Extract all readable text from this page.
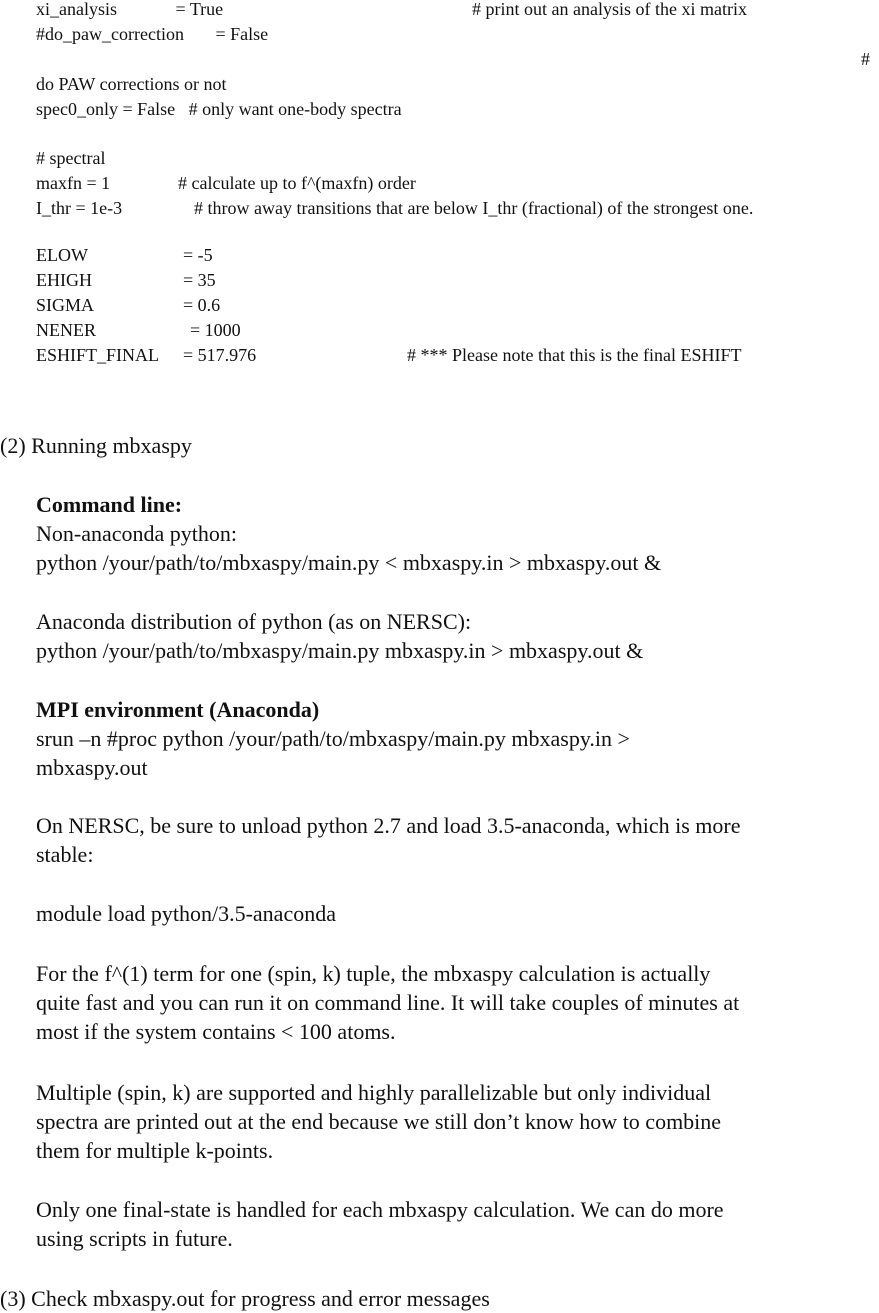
xi_analysis             = True	# print out an analysis of the xi matrix
#do_paw_correction       = False
#
do PAW corrections or not
spec0_only = False   # only want one-body spectra
# spectral
maxfn = 1	# calculate up to f^(maxfn) order
I_thr = 1e-3	# throw away transitions that are below I_thr (fractional) of the strongest one.
ELOW	= -5
EHIGH	= 35
SIGMA	= 0.6
NENER	= 1000
ESHIFT_FINAL = 517.976	# *** Please note that this is the final ESHIFT
(2) Running mbxaspy
Command line:
Non-anaconda python:
python /your/path/to/mbxaspy/main.py < mbxaspy.in > mbxaspy.out &
Anaconda distribution of python (as on NERSC):
python /your/path/to/mbxaspy/main.py mbxaspy.in > mbxaspy.out &
MPI environment (Anaconda)
srun –n #proc python /your/path/to/mbxaspy/main.py mbxaspy.in >
mbxaspy.out
On NERSC, be sure to unload python 2.7 and load 3.5-anaconda, which is more
stable:
module load python/3.5-anaconda
For the f^(1) term for one (spin, k) tuple, the mbxaspy calculation is actually
quite fast and you can run it on command line. It will take couples of minutes at
most if the system contains < 100 atoms.
Multiple (spin, k) are supported and highly parallelizable but only individual
spectra are printed out at the end because we still don’t know how to combine
them for multiple k-points.
Only one final-state is handled for each mbxaspy calculation. We can do more
using scripts in future.
(3) Check mbxaspy.out for progress and error messages
